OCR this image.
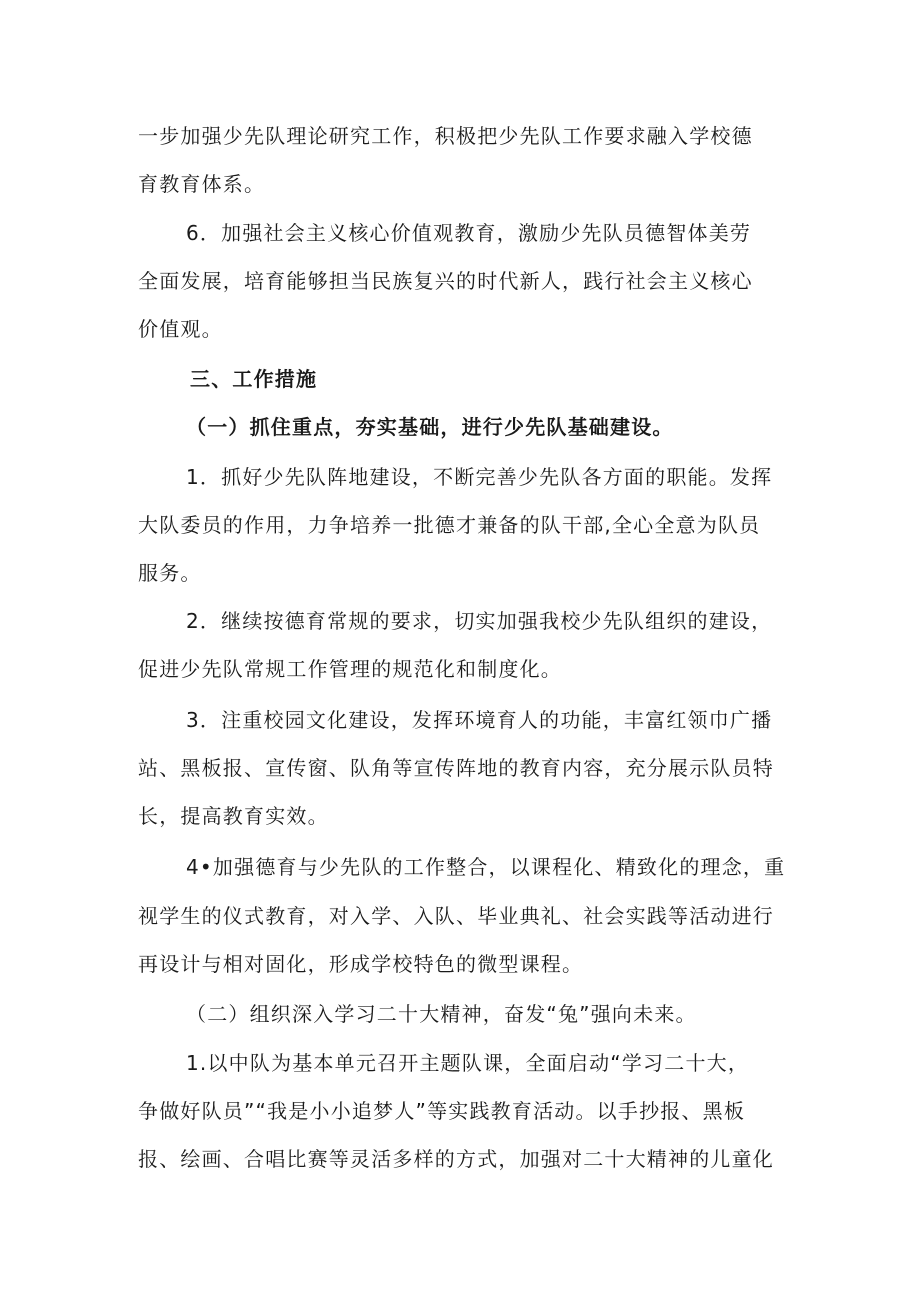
一步加强少先队理论研究工作，积极把少先队工作要求融入学校德
育教育体系。
6．加强社会主义核心价值观教育，激励少先队员德智体美劳
全面发展，培育能够担当民族复兴的时代新人，践行社会主义核心
价值观。
三、工作措施
（一）抓住重点，夯实基础，进行少先队基础建设。
1．抓好少先队阵地建设，不断完善少先队各方面的职能。发挥
大队委员的作用，力争培养一批德才兼备的队干部,全心全意为队员
服务。
2．继续按德育常规的要求，切实加强我校少先队组织的建设，
促进少先队常规工作管理的规范化和制度化。
3．注重校园文化建设，发挥环境育人的功能，丰富红领巾广播
站、黑板报、宣传窗、队角等宣传阵地的教育内容，充分展示队员特
长，提高教育实效。
4•加强德育与少先队的工作整合，以课程化、精致化的理念，重
视学生的仪式教育，对入学、入队、毕业典礼、社会实践等活动进行
再设计与相对固化，形成学校特色的微型课程。
（二）组织深入学习二十大精神，奋发“兔”强向未来。
1.以中队为基本单元召开主题队课，全面启动“学习二十大，
争做好队员”“我是小小追梦人”等实践教育活动。以手抄报、黑板
报、绘画、合唱比赛等灵活多样的方式，加强对二十大精神的儿童化
